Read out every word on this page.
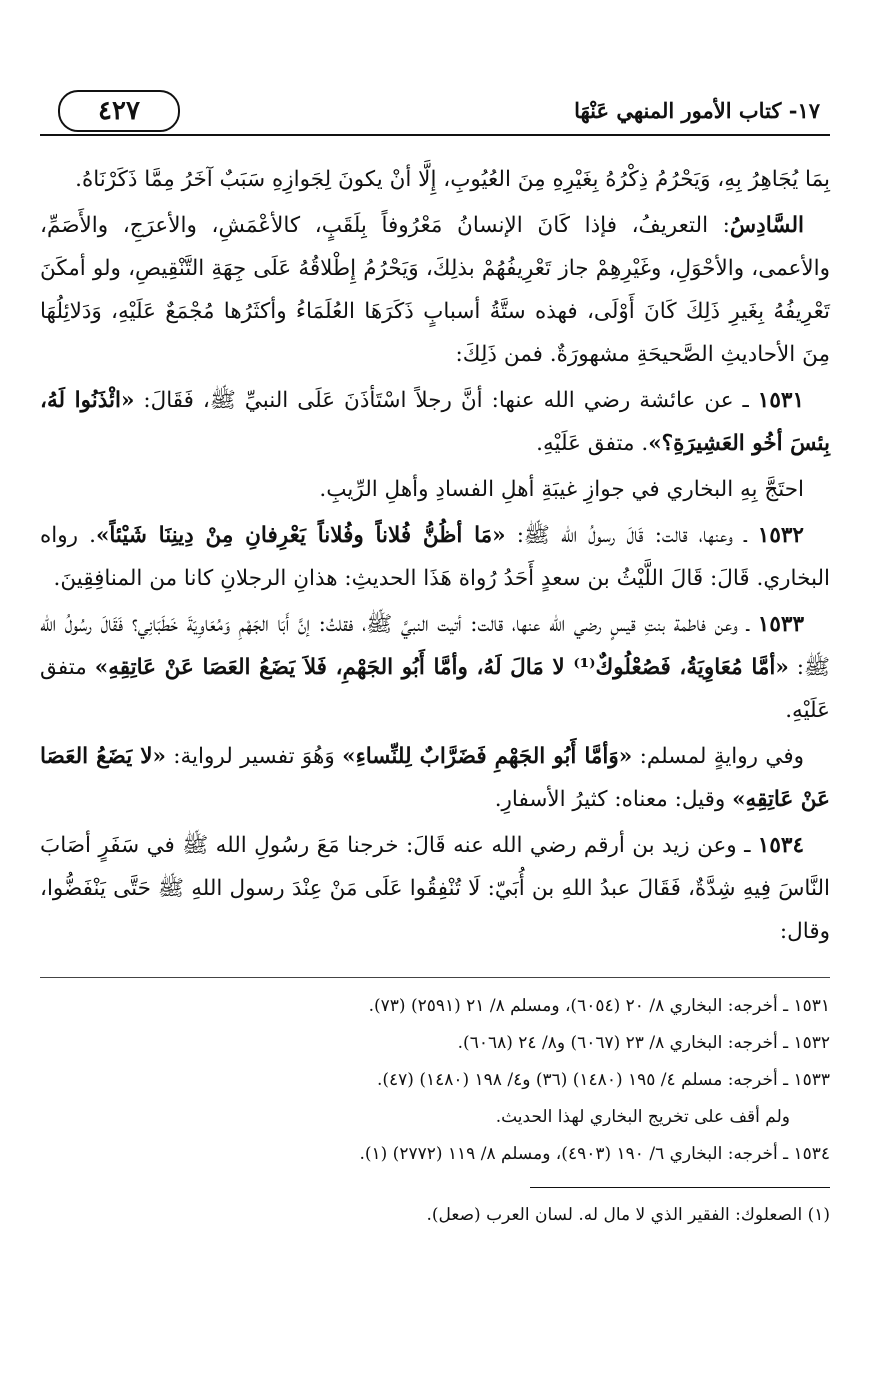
١٧- كتاب الأمور المنهي عَنْهَا
٤٢٧

بِمَا يُجَاهِرُ بِهِ، وَيَحْرُمُ ذِكْرُهُ بِغَيْرِهِ مِنَ العُيُوبِ، إِلَّا أنْ يكونَ لِجَوازِهِ سَبَبٌ آخَرُ مِمَّا ذَكَرْنَاهُ.

السَّادِسُ: التعريفُ، فإذا كَانَ الإنسانُ مَعْرُوفاً بِلَقَبٍ، كالأعْمَشِ، والأعرَجِ، والأَصَمِّ، والأعمى، والأحْوَلِ، وغَيْرِهِمْ جاز تَعْرِيفُهُمْ بذلِكَ، وَيَحْرُمُ إِطْلاقُهُ عَلَى جِهَةِ التَّنْقِيصِ، ولو أمكَنَ تَعْرِيفُهُ بِغَيرِ ذَلِكَ كَانَ أَوْلَى، فهذه ستَّةُ أسبابٍ ذَكَرَهَا العُلَمَاءُ وأكثَرُها مُجْمَعٌ عَلَيْهِ، وَدَلائِلُهَا مِنَ الأحاديثِ الصَّحيحَةِ مشهورَةٌ. فمن ذَلِكَ:

١٥٣١ ـ عن عائشة رضي الله عنها: أنَّ رجلاً اسْتَأذَنَ عَلَى النبيِّ ﷺ، فَقَالَ: «ائْذَنُوا لَهُ، بِئسَ أخُو العَشِيرَةِ؟». متفق عَلَيْهِ.

احتَجَّ بِهِ البخاري في جوازِ غيبَةِ أهلِ الفسادِ وأهلِ الرِّيبِ.

١٥٣٢ ـ وعنها، قالت: قَالَ رسولُ الله ﷺ: «مَا أظُنُّ فُلاناً وفُلاناً يَعْرِفانِ مِنْ دِينِنَا شَيْئاً». رواه البخاري. قَالَ: قَالَ اللَّيْثُ بن سعدٍ أَحَدُ رُواة هَذَا الحديثِ: هذانِ الرجلانِ كانا من المنافِقِينَ.

١٥٣٣ ـ وعن فاطمة بنتِ قيسٍ رضي الله عنها، قالت: أتيت النبيَّ ﷺ، فقلتُ: إنَّ أَبَا الجَهْمِ وَمُعَاوِيَةَ خَطَبَانِي؟ فَقَالَ رسُولُ الله ﷺ: «أمَّا مُعَاوِيَةُ، فَصُعْلُوكٌ⁽¹⁾ لا مَالَ لَهُ، وأمَّا أَبُو الجَهْمِ، فَلاَ يَضَعُ العَصَا عَنْ عَاتِقِهِ» متفق عَلَيْهِ.

وفي روايةٍ لمسلم: «وَأمَّا أَبُو الجَهْمِ فَضَرَّابٌ لِلنِّساءِ» وَهُوَ تفسير لرواية: «لا يَضَعُ العَصَا عَنْ عَاتِقِهِ» وقيل: معناه: كثيرُ الأسفارِ.

١٥٣٤ ـ وعن زيد بن أرقم رضي الله عنه قَالَ: خرجنا مَعَ رسُولِ الله ﷺ في سَفَرٍ أصَابَ النَّاسَ فِيهِ شِدَّةٌ، فَقَالَ عبدُ اللهِ بن أُبَيّ: لَا تُنْفِقُوا عَلَى مَنْ عِنْدَ رسول اللهِ ﷺ حَتَّى يَنْفَضُّوا، وقال:

١٥٣١ ـ أخرجه: البخاري ٨/ ٢٠ (٦٠٥٤)، ومسلم ٨/ ٢١ (٢٥٩١) (٧٣).

١٥٣٢ ـ أخرجه: البخاري ٨/ ٢٣ (٦٠٦٧) و٨/ ٢٤ (٦٠٦٨).

١٥٣٣ ـ أخرجه: مسلم ٤/ ١٩٥ (١٤٨٠) (٣٦) و٤/ ١٩٨ (١٤٨٠) (٤٧).

ولم أقف على تخريج البخاري لهذا الحديث.

١٥٣٤ ـ أخرجه: البخاري ٦/ ١٩٠ (٤٩٠٣)، ومسلم ٨/ ١١٩ (٢٧٧٢) (١).

(١) الصعلوك: الفقير الذي لا مال له. لسان العرب (صعل).
